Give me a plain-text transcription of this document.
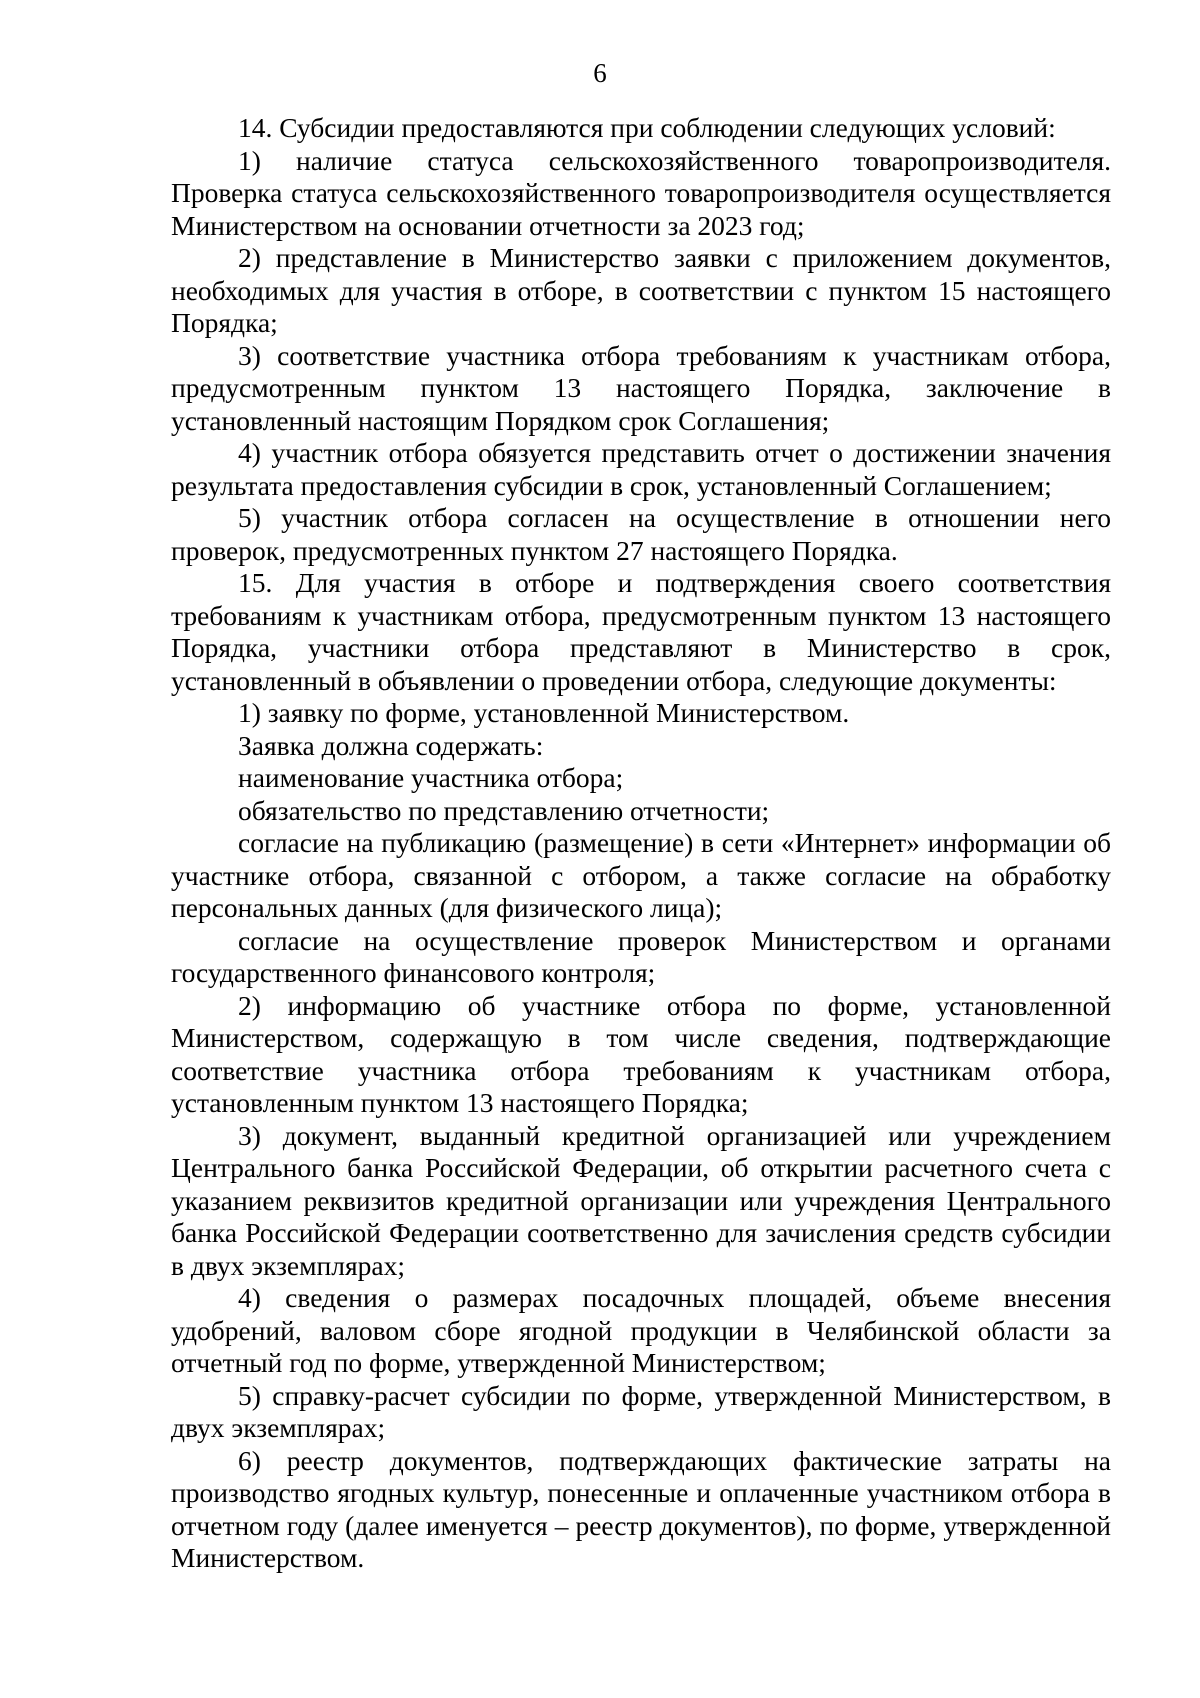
6

14. Субсидии предоставляются при соблюдении следующих условий:

1) наличие статуса сельскохозяйственного товаропроизводителя. Проверка статуса сельскохозяйственного товаропроизводителя осуществляется Министерством на основании отчетности за 2023 год;

2) представление в Министерство заявки с приложением документов, необходимых для участия в отборе, в соответствии с пунктом 15 настоящего Порядка;

3) соответствие участника отбора требованиям к участникам отбора, предусмотренным пунктом 13 настоящего Порядка, заключение в установленный настоящим Порядком срок Соглашения;

4) участник отбора обязуется представить отчет о достижении значения результата предоставления субсидии в срок, установленный Соглашением;

5) участник отбора согласен на осуществление в отношении него проверок, предусмотренных пунктом 27 настоящего Порядка.

15. Для участия в отборе и подтверждения своего соответствия требованиям к участникам отбора, предусмотренным пунктом 13 настоящего Порядка, участники отбора представляют в Министерство в срок, установленный в объявлении о проведении отбора, следующие документы:

1) заявку по форме, установленной Министерством.

Заявка должна содержать:

наименование участника отбора;

обязательство по представлению отчетности;

согласие на публикацию (размещение) в сети «Интернет» информации об участнике отбора, связанной с отбором, а также согласие на обработку персональных данных (для физического лица);

согласие на осуществление проверок Министерством и органами государственного финансового контроля;

2) информацию об участнике отбора по форме, установленной Министерством, содержащую в том числе сведения, подтверждающие соответствие участника отбора требованиям к участникам отбора, установленным пунктом 13 настоящего Порядка;

3) документ, выданный кредитной организацией или учреждением Центрального банка Российской Федерации, об открытии расчетного счета с указанием реквизитов кредитной организации или учреждения Центрального банка Российской Федерации соответственно для зачисления средств субсидии в двух экземплярах;

4) сведения о размерах посадочных площадей, объеме внесения удобрений, валовом сборе ягодной продукции в Челябинской области за отчетный год по форме, утвержденной Министерством;

5) справку-расчет субсидии по форме, утвержденной Министерством, в двух экземплярах;

6) реестр документов, подтверждающих фактические затраты на производство ягодных культур, понесенные и оплаченные участником отбора в отчетном году (далее именуется – реестр документов), по форме, утвержденной Министерством.
